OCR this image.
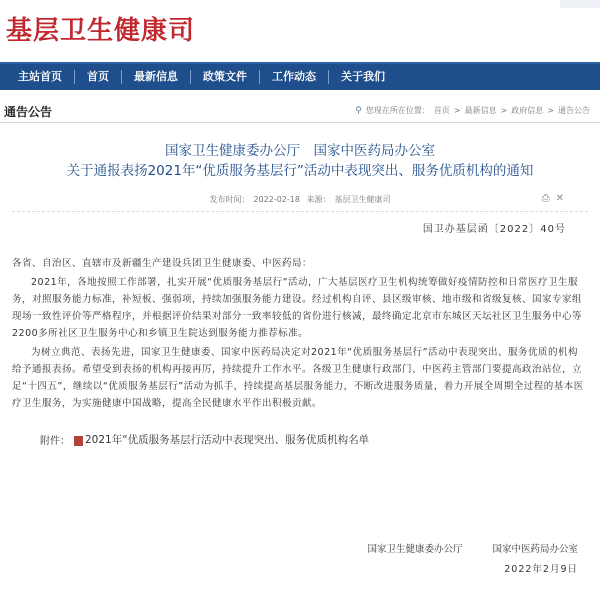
基层卫生健康司
主站首页	首页	最新信息	政策文件	工作动态	关于我们
通告公告	⚲ 您现在所在位置： 首页 > 最新信息 > 政府信息 > 通告公告
国家卫生健康委办公厅　国家中医药局办公室
关于通报表扬2021年“优质服务基层行”活动中表现突出、服务优质机构的通知
发布时间： 2022-02-18 来源： 基层卫生健康司	⎙ ✕
国卫办基层函〔2022〕40号

各省、自治区、直辖市及新疆生产建设兵团卫生健康委、中医药局：

2021年，各地按照工作部署，扎实开展“优质服务基层行”活动，广大基层医疗卫生机构统筹做好疫情防控和日常医疗卫生服务，对照服务能力标准，补短板、强弱项，持续加强服务能力建设。经过机构自评、县区级审核、地市级和省级复核、国家专家组现场一致性评价等严格程序，并根据评价结果对部分一致率较低的省份进行核减，最终确定北京市东城区天坛社区卫生服务中心等2200多所社区卫生服务中心和乡镇卫生院达到服务能力推荐标准。

为树立典范、表扬先进，国家卫生健康委、国家中医药局决定对2021年“优质服务基层行”活动中表现突出、服务优质的机构给予通报表扬。希望受到表扬的机构再接再厉，持续提升工作水平。各级卫生健康行政部门、中医药主管部门要提高政治站位，立足“十四五”，继续以“优质服务基层行”活动为抓手，持续提高基层服务能力，不断改进服务质量，着力开展全周期全过程的基本医疗卫生服务，为实施健康中国战略，提高全民健康水平作出积极贡献。

附件： 2021年“优质服务基层行活动中表现突出、服务优质机构名单
国家卫生健康委办公厅	国家中医药局办公室
2022年2月9日
